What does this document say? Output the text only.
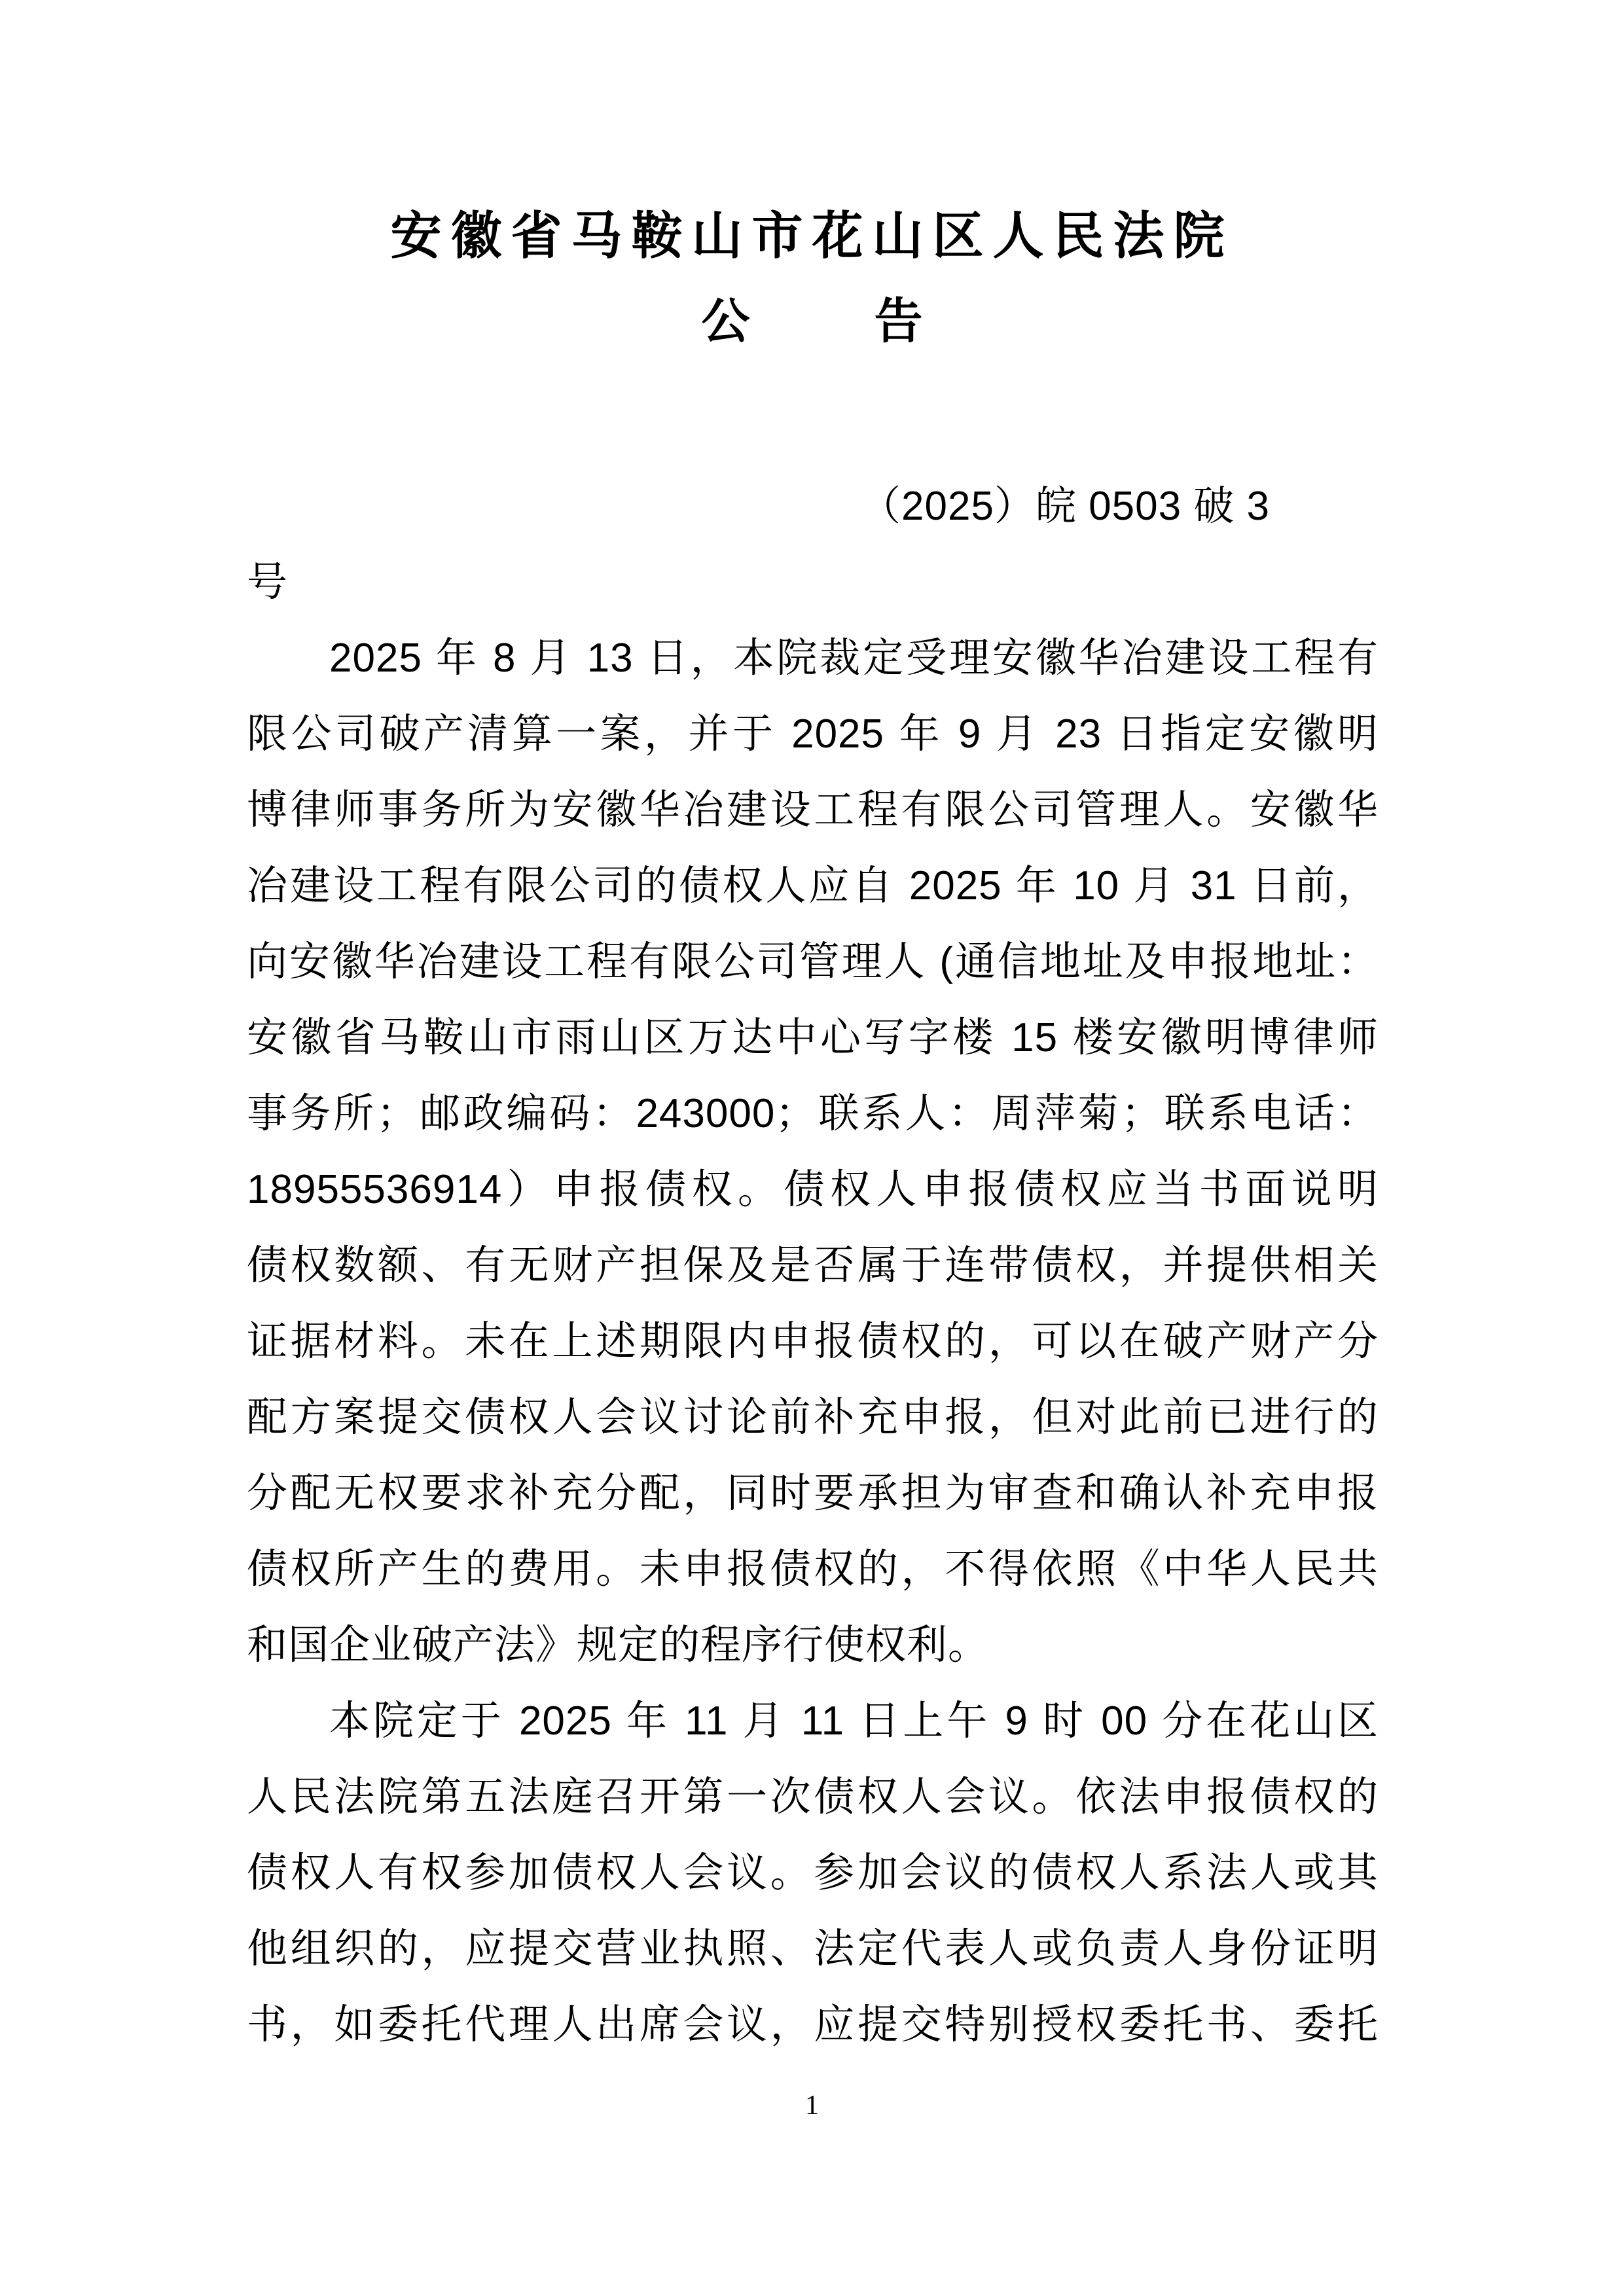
安徽省马鞍山市花山区人民法院
公	告
（2025）皖 0503 破 3
号
2025 年 8 月 13 日，本院裁定受理安徽华冶建设工程有
限公司破产清算一案，并于 2025 年 9 月 23 日指定安徽明
博律师事务所为安徽华冶建设工程有限公司管理人。安徽华
冶建设工程有限公司的债权人应自 2025 年 10 月 31 日前，
向安徽华冶建设工程有限公司管理人 (通信地址及申报地址：
安徽省马鞍山市雨山区万达中心写字楼 15 楼安徽明博律师
事务所；邮政编码：243000；联系人：周萍菊；联系电话：
18955536914）申报债权。债权人申报债权应当书面说明
债权数额、有无财产担保及是否属于连带债权，并提供相关
证据材料。未在上述期限内申报债权的，可以在破产财产分
配方案提交债权人会议讨论前补充申报，但对此前已进行的
分配无权要求补充分配，同时要承担为审查和确认补充申报
债权所产生的费用。未申报债权的，不得依照《中华人民共
和国企业破产法》规定的程序行使权利。
本院定于 2025 年 11 月 11 日上午 9 时 00 分在花山区
人民法院第五法庭召开第一次债权人会议。依法申报债权的
债权人有权参加债权人会议。参加会议的债权人系法人或其
他组织的，应提交营业执照、法定代表人或负责人身份证明
书，如委托代理人出席会议，应提交特别授权委托书、委托
1
